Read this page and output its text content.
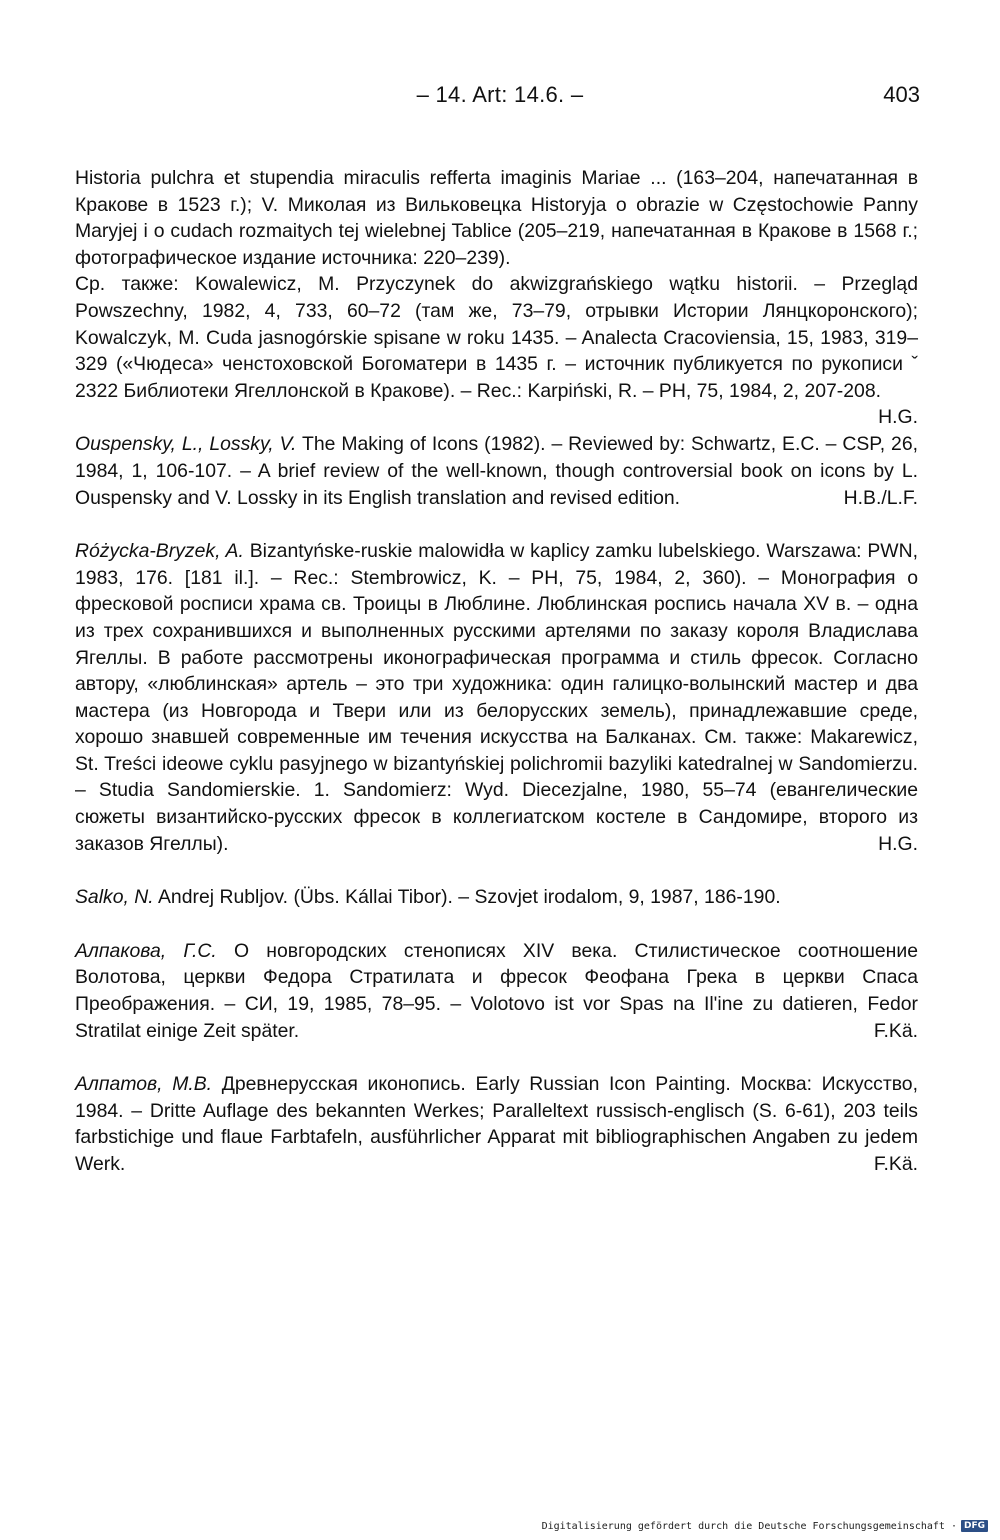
– 14. Art: 14.6. –	403

Historia pulchra et stupendia miraculis refferta imaginis Mariae ... (163–204, напечатанная в Кракове в 1523 г.); V. Миколая из Вильковецка Historyja o obrazie w Częstochowie Panny Maryjej i o cudach rozmaitych tej wielebnej Tablice (205–219, напечатанная в Кракове в 1568 г.; фотографическое издание источника: 220–239).

Ср. также: Kowalewicz, M. Przyczynek do akwizgrańskiego wątku historii. – Przegląd Powszechny, 1982, 4, 733, 60–72 (там же, 73–79, отрывки Истории Лянцкоронского); Kowalczyk, M. Cuda jasnogórskie spisane w roku 1435. – Analecta Cracoviensia, 15, 1983, 319–329 («Чюдеса» ченстоховской Богоматери в 1435 г. – источник публикуется по рукописи ˇ 2322 Библиотеки Ягеллонской в Кракове). – Rec.: Karpiński, R. – PH, 75, 1984, 2, 207-208.
H.G.

Ouspensky, L., Lossky, V. The Making of Icons (1982). – Reviewed by: Schwartz, E.C. – CSP, 26, 1984, 1, 106-107. – A brief review of the well-known, though controversial book on icons by L. Ouspensky and V. Lossky in its English translation and revised edition.	H.B./L.F.

Różycka-Bryzek, A. Bizantyńske-ruskie malowidła w kaplicy zamku lubelskiego. Warszawa: PWN, 1983, 176. [181 il.]. – Rec.: Stembrowicz, K. – PH, 75, 1984, 2, 360). – Монография о фресковой росписи храма св. Троицы в Люблине. Люблинская роспись начала XV в. – одна из трех сохранившихся и выполненных русскими артелями по заказу короля Владислава Ягеллы. В работе рассмотрены иконографическая программа и стиль фресок. Согласно автору, «люблинская» артель – это три художника: один галицко-волынский мастер и два мастера (из Новгорода и Твери или из белорусских земель), принадлежавшие среде, хорошо знавшей современные им течения искусства на Балканах. См. также: Makarewicz, St. Treści ideowe cyklu pasyjnego w bizantyńskiej polichromii bazyliki katedralnej w Sandomierzu. – Studia Sandomierskie. 1. Sandomierz: Wyd. Diecezjalne, 1980, 55–74 (евангелические сюжеты византийско-русских фресок в коллегиатском костеле в Сандомире, второго из заказов Ягеллы).	H.G.

Salko, N. Andrej Rubljov. (Übs. Kállai Tibor). – Szovjet irodalom, 9, 1987, 186-190.

Алпакова, Г.С. О новгородских стенописях XIV века. Стилистическое соотношение Волотова, церкви Федора Стратилата и фресок Феофана Грека в церкви Спаса Преображения. – СИ, 19, 1985, 78–95. – Volotovo ist vor Spas na Il'ine zu datieren, Fedor Stratilat einige Zeit später.	F.Kä.

Алпатов, М.В. Древнерусская иконопись. Early Russian Icon Painting. Москва: Искусство, 1984. – Dritte Auflage des bekannten Werkes; Paralleltext russisch-englisch (S. 6-61), 203 teils farbstichige und flaue Farbtafeln, ausführlicher Apparat mit bibliographischen Angaben zu jedem Werk.	F.Kä.

Digitalisierung gefördert durch die Deutsche Forschungsgemeinschaft · DFG
